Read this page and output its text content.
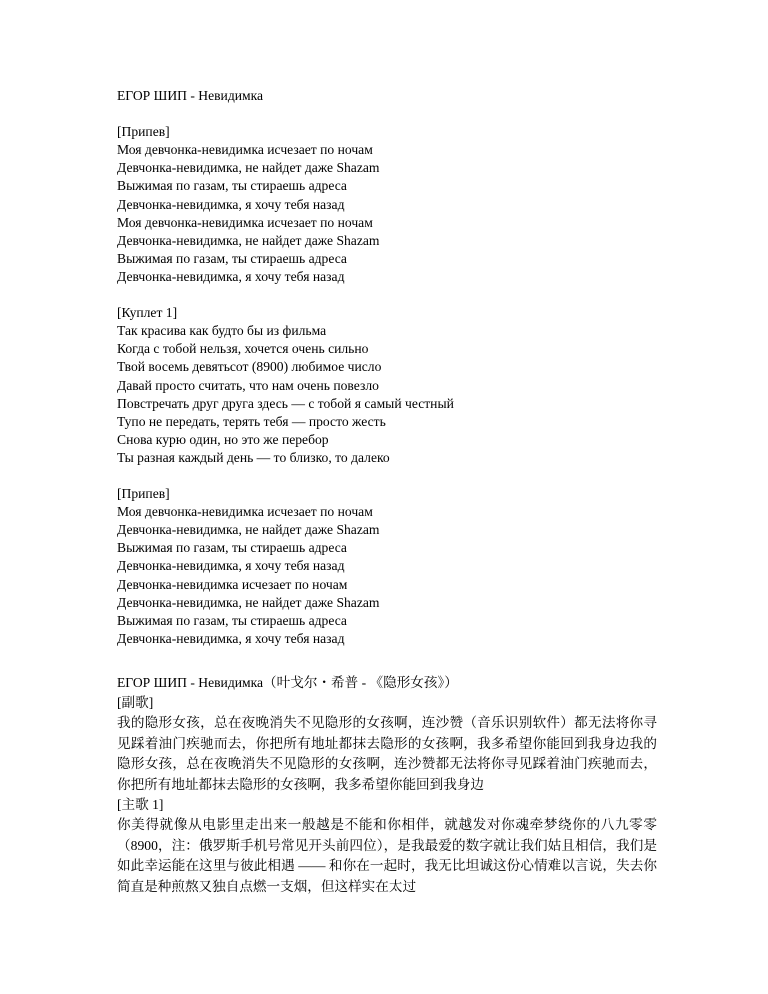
ЕГОР ШИП - Невидимка
[Припев]
Моя девчонка-невидимка исчезает по ночам
Девчонка-невидимка, не найдет даже Shazam
Выжимая по газам, ты стираешь адреса
Девчонка-невидимка, я хочу тебя назад
Моя девчонка-невидимка исчезает по ночам
Девчонка-невидимка, не найдет даже Shazam
Выжимая по газам, ты стираешь адреса
Девчонка-невидимка, я хочу тебя назад
[Куплет 1]
Так красива как будто бы из фильма
Когда с тобой нельзя, хочется очень сильно
Твой восемь девятьсот (8900) любимое число
Давай просто считать, что нам очень повезло
Повстречать друг друга здесь — с тобой я самый честный
Тупо не передать, терять тебя — просто жесть
Снова курю один, но это же перебор
Ты разная каждый день — то близко, то далеко
[Припев]
Моя девчонка-невидимка исчезает по ночам
Девчонка-невидимка, не найдет даже Shazam
Выжимая по газам, ты стираешь адреса
Девчонка-невидимка, я хочу тебя назад
Девчонка-невидимка исчезает по ночам
Девчонка-невидимка, не найдет даже Shazam
Выжимая по газам, ты стираешь адреса
Девчонка-невидимка, я хочу тебя назад
ЕГОР ШИП - Невидимка（叶戈尔・希普 - 《隐形女孩》）
[副歌]

我的隐形女孩，总在夜晚消失不见隐形的女孩啊，连沙赞（音乐识别软件）都无法将你寻见踩着油门疾驰而去，你把所有地址都抹去隐形的女孩啊，我多希望你能回到我身边我的隐形女孩，总在夜晚消失不见隐形的女孩啊，连沙赞都无法将你寻见踩着油门疾驰而去，你把所有地址都抹去隐形的女孩啊，我多希望你能回到我身边

[主歌 1]

你美得就像从电影里走出来一般越是不能和你相伴，就越发对你魂牵梦绕你的八九零零（8900，注：俄罗斯手机号常见开头前四位），是我最爱的数字就让我们姑且相信，我们是如此幸运能在这里与彼此相遇 —— 和你在一起时，我无比坦诚这份心情难以言说，失去你简直是种煎熬又独自点燃一支烟，但这样实在太过
